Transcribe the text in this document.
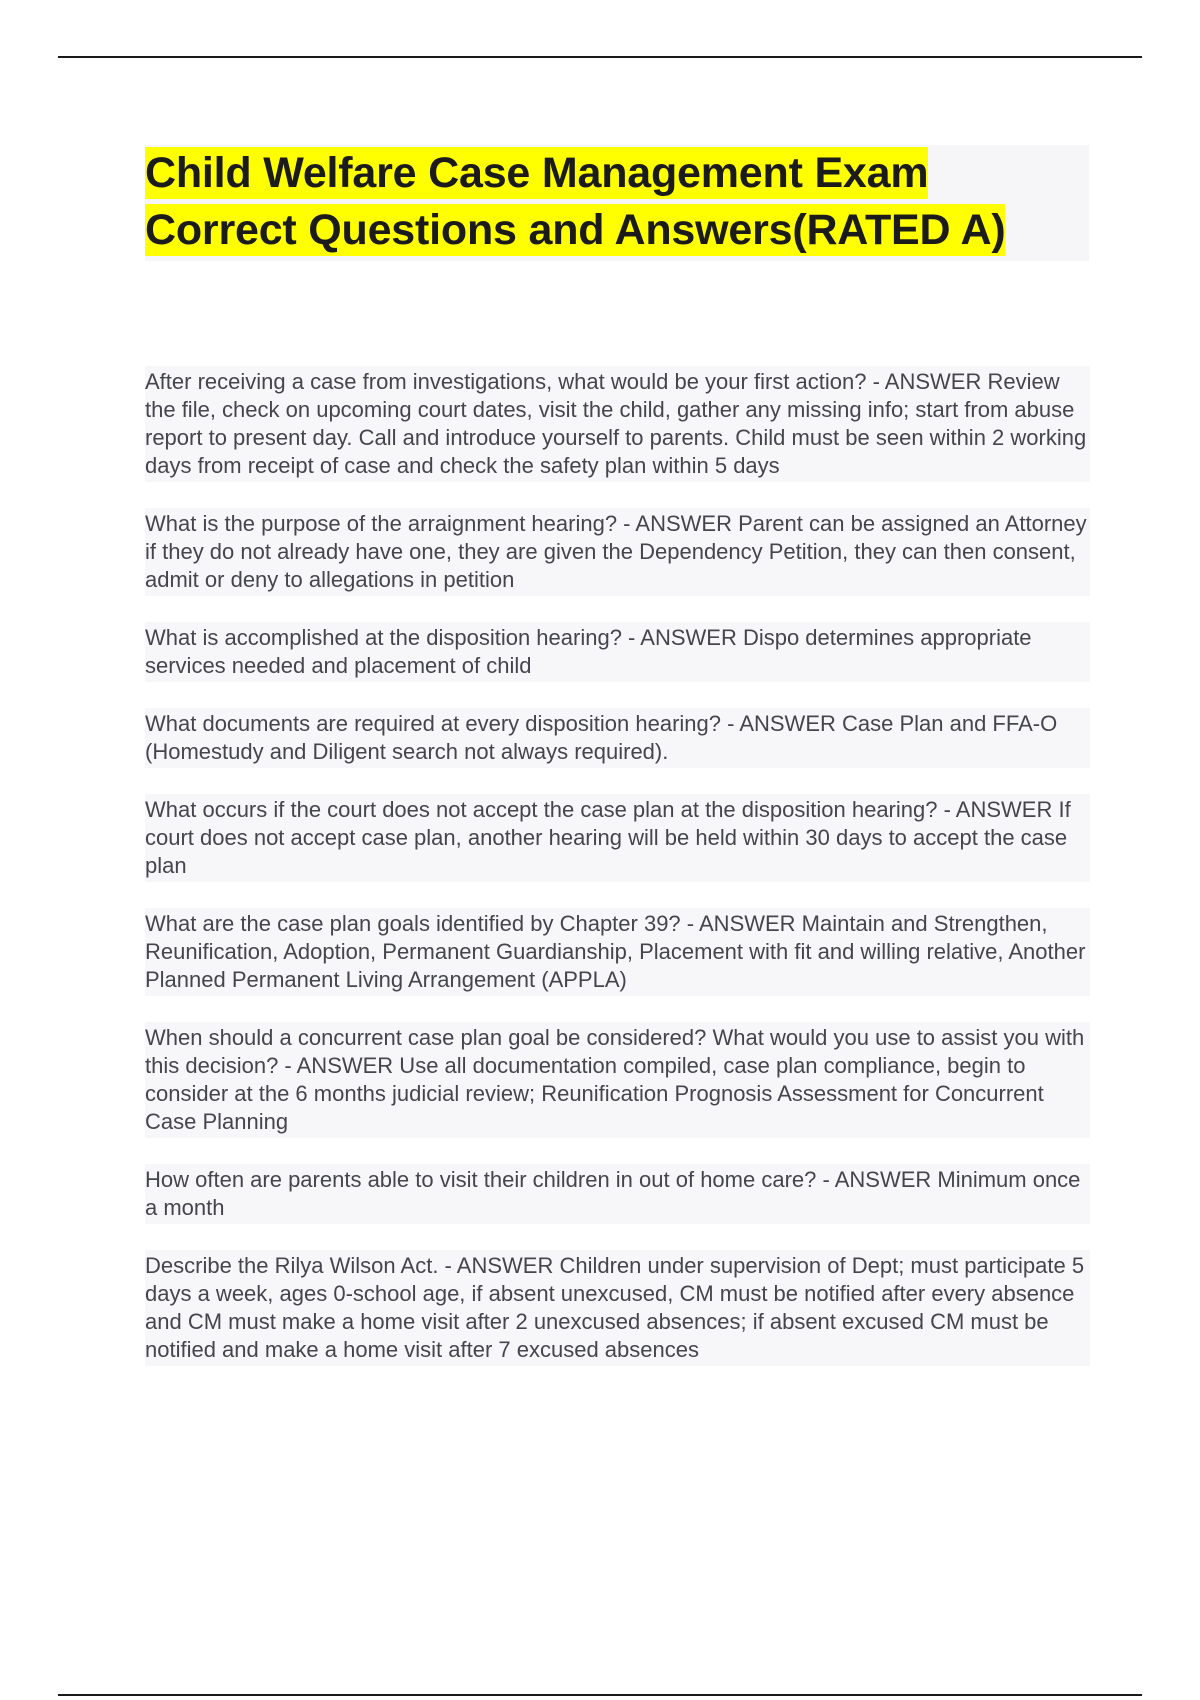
Child Welfare Case Management Exam Correct Questions and Answers(RATED A)

After receiving a case from investigations, what would be your first action? - ANSWER Review the file, check on upcoming court dates, visit the child, gather any missing info; start from abuse report to present day. Call and introduce yourself to parents. Child must be seen within 2 working days from receipt of case and check the safety plan within 5 days

What is the purpose of the arraignment hearing? - ANSWER Parent can be assigned an Attorney if they do not already have one, they are given the Dependency Petition, they can then consent, admit or deny to allegations in petition

What is accomplished at the disposition hearing? - ANSWER Dispo determines appropriate services needed and placement of child

What documents are required at every disposition hearing? - ANSWER Case Plan and FFA-O (Homestudy and Diligent search not always required).

What occurs if the court does not accept the case plan at the disposition hearing? - ANSWER If court does not accept case plan, another hearing will be held within 30 days to accept the case plan

What are the case plan goals identified by Chapter 39? - ANSWER Maintain and Strengthen, Reunification, Adoption, Permanent Guardianship, Placement with fit and willing relative, Another Planned Permanent Living Arrangement (APPLA)

When should a concurrent case plan goal be considered? What would you use to assist you with this decision? - ANSWER Use all documentation compiled, case plan compliance, begin to consider at the 6 months judicial review; Reunification Prognosis Assessment for Concurrent Case Planning

How often are parents able to visit their children in out of home care? - ANSWER Minimum once a month

Describe the Rilya Wilson Act. - ANSWER Children under supervision of Dept; must participate 5 days a week, ages 0-school age, if absent unexcused, CM must be notified after every absence and CM must make a home visit after 2 unexcused absences; if absent excused CM must be notified and make a home visit after 7 excused absences
